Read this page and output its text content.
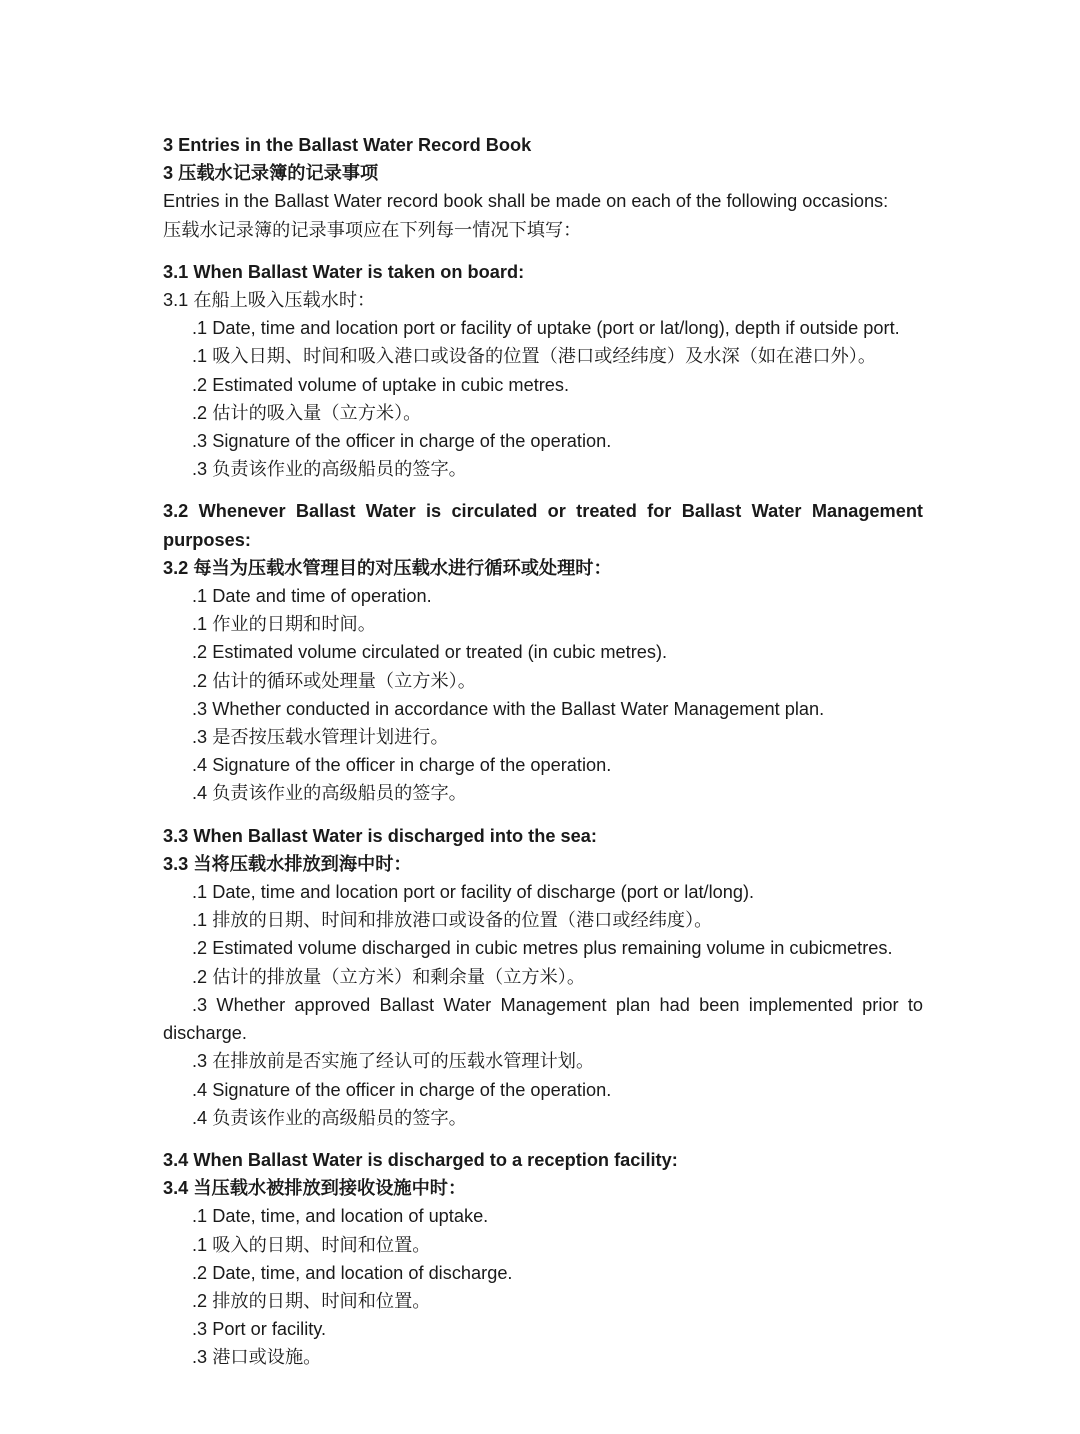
3 Entries in the Ballast Water Record Book
3 压载水记录簿的记录事项
Entries in the Ballast Water record book shall be made on each of the following occasions:
压载水记录簿的记录事项应在下列每一情况下填写：
3.1 When Ballast Water is taken on board:
3.1 在船上吸入压载水时：
.1 Date, time and location port or facility of uptake (port or lat/long), depth if outside port.
.1 吸入日期、时间和吸入港口或设备的位置（港口或经纬度）及水深（如在港口外）。
.2 Estimated volume of uptake in cubic metres.
.2 估计的吸入量（立方米）。
.3 Signature of the officer in charge of the operation.
.3 负责该作业的高级船员的签字。
3.2 Whenever Ballast Water is circulated or treated for Ballast Water Management purposes:
3.2 每当为压载水管理目的对压载水进行循环或处理时：
.1 Date and time of operation.
.1 作业的日期和时间。
.2 Estimated volume circulated or treated (in cubic metres).
.2 估计的循环或处理量（立方米）。
.3 Whether conducted in accordance with the Ballast Water Management plan.
.3 是否按压载水管理计划进行。
.4 Signature of the officer in charge of the operation.
.4 负责该作业的高级船员的签字。
3.3 When Ballast Water is discharged into the sea:
3.3 当将压载水排放到海中时：
.1 Date, time and location port or facility of discharge (port or lat/long).
.1 排放的日期、时间和排放港口或设备的位置（港口或经纬度）。
.2 Estimated volume discharged in cubic metres plus remaining volume in cubicmetres.
.2 估计的排放量（立方米）和剩余量（立方米）。
.3 Whether approved Ballast Water Management plan had been implemented prior to discharge.
.3 在排放前是否实施了经认可的压载水管理计划。
.4 Signature of the officer in charge of the operation.
.4 负责该作业的高级船员的签字。
3.4 When Ballast Water is discharged to a reception facility:
3.4 当压载水被排放到接收设施中时：
.1 Date, time, and location of uptake.
.1 吸入的日期、时间和位置。
.2 Date, time, and location of discharge.
.2 排放的日期、时间和位置。
.3 Port or facility.
.3 港口或设施。
